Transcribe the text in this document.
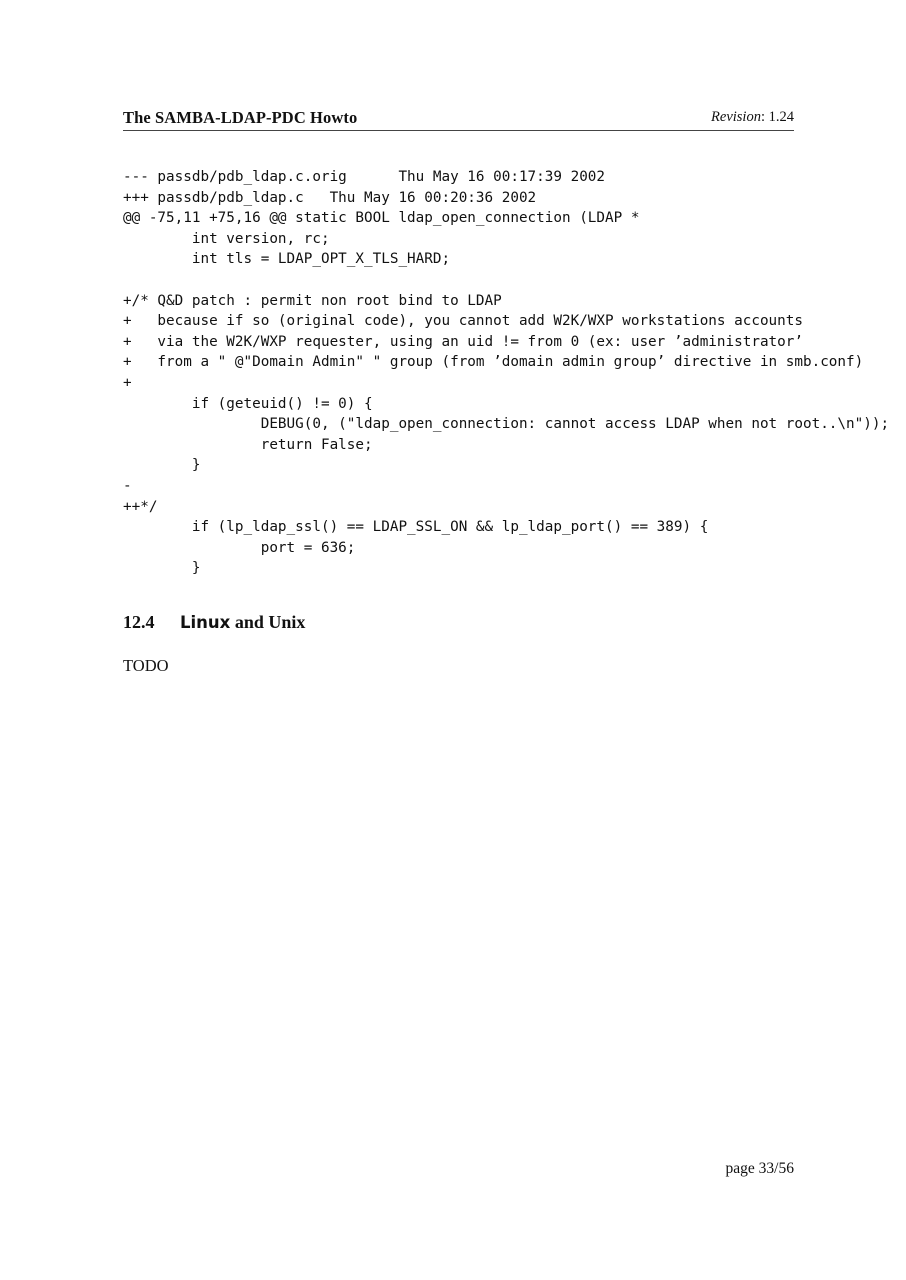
The SAMBA-LDAP-PDC Howto	Revision: 1.24
--- passdb/pdb_ldap.c.orig      Thu May 16 00:17:39 2002
+++ passdb/pdb_ldap.c   Thu May 16 00:20:36 2002
@@ -75,11 +75,16 @@ static BOOL ldap_open_connection (LDAP *
int version, rc;
int tls = LDAP_OPT_X_TLS_HARD;
+/* Q&D patch : permit non root bind to LDAP
+   because if so (original code), you cannot add W2K/WXP workstations accounts
+   via the W2K/WXP requester, using an uid != from 0 (ex: user ’administrator’
+   from a " @"Domain Admin" " group (from ’domain admin group’ directive in smb.conf)
+
if (geteuid() != 0) {
DEBUG(0, ("ldap_open_connection: cannot access LDAP when not root..\n"));
return False;
}
-
++*/
if (lp_ldap_ssl() == LDAP_SSL_ON && lp_ldap_port() == 389) {
port = 636;
}
12.4 Linux and Unix

TODO

page 33/56
